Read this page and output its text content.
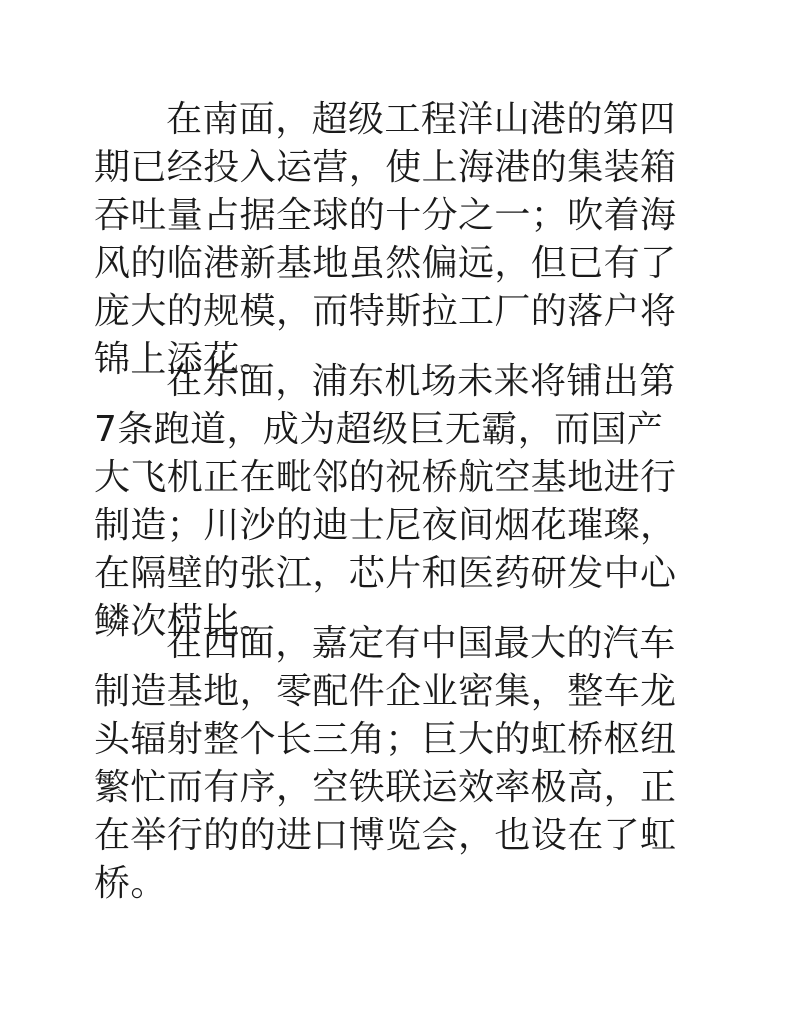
在南面，超级工程洋山港的第四期已经投入运营，使上海港的集装箱吞吐量占据全球的十分之一；吹着海风的临港新基地虽然偏远，但已有了庞大的规模，而特斯拉工厂的落户将锦上添花。

在东面，浦东机场未来将铺出第7条跑道，成为超级巨无霸，而国产大飞机正在毗邻的祝桥航空基地进行制造；川沙的迪士尼夜间烟花璀璨，在隔壁的张江，芯片和医药研发中心鳞次栉比。

在西面，嘉定有中国最大的汽车制造基地，零配件企业密集，整车龙头辐射整个长三角；巨大的虹桥枢纽繁忙而有序，空铁联运效率极高，正在举行的的进口博览会，也设在了虹桥。
